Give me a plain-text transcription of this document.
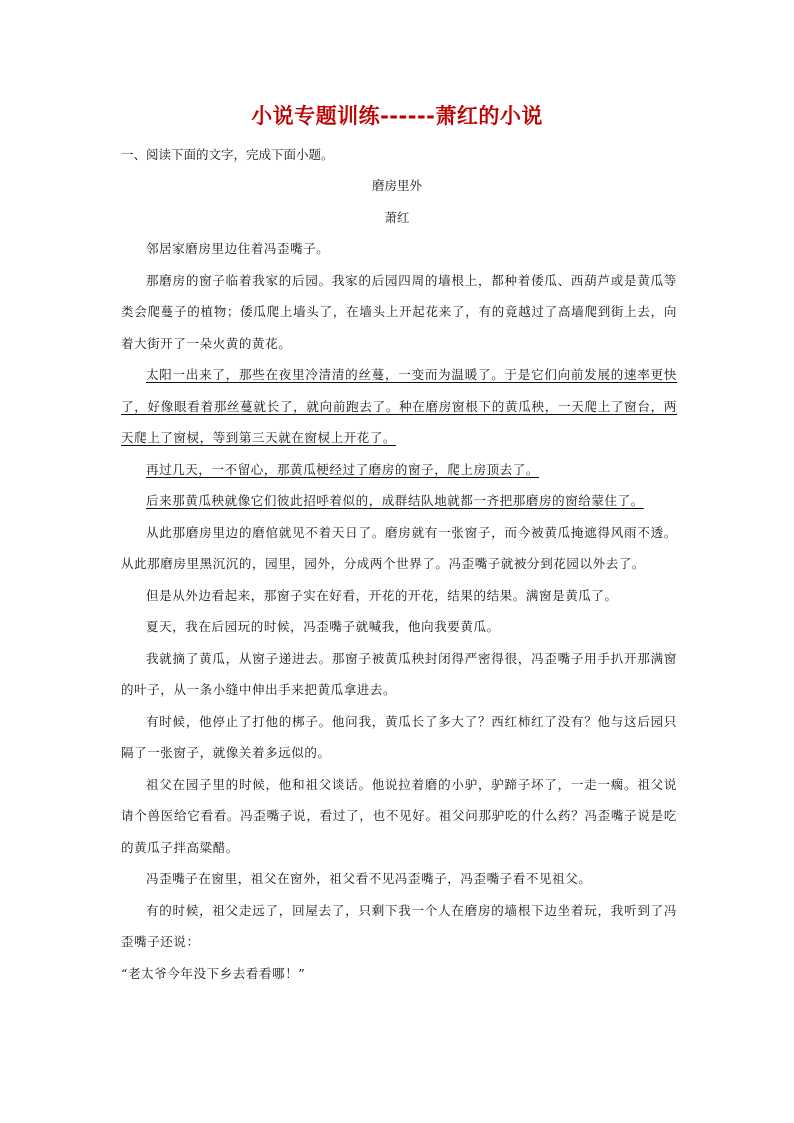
小说专题训练------萧红的小说
一、阅读下面的文字，完成下面小题。
磨房里外
萧红

邻居家磨房里边住着冯歪嘴子。

那磨房的窗子临着我家的后园。我家的后园四周的墙根上，都种着倭瓜、西葫芦或是黄瓜等类会爬蔓子的植物；倭瓜爬上墙头了，在墙头上开起花来了，有的竟越过了高墙爬到街上去，向着大街开了一朵火黄的黄花。

太阳一出来了，那些在夜里冷清清的丝蔓，一变而为温暖了。于是它们向前发展的速率更快了，好像眼看着那丝蔓就长了，就向前跑去了。种在磨房窗根下的黄瓜秧，一天爬上了窗台，两天爬上了窗棂，等到第三天就在窗棂上开花了。

再过几天，一不留心，那黄瓜梗经过了磨房的窗子，爬上房顶去了。

后来那黄瓜秧就像它们彼此招呼着似的，成群结队地就都一齐把那磨房的窗给蒙住了。

从此那磨房里边的磨倌就见不着天日了。磨房就有一张窗子，而今被黄瓜掩遮得风雨不透。从此那磨房里黑沉沉的，园里，园外，分成两个世界了。冯歪嘴子就被分到花园以外去了。

但是从外边看起来，那窗子实在好看，开花的开花，结果的结果。满窗是黄瓜了。

夏天，我在后园玩的时候，冯歪嘴子就喊我，他向我要黄瓜。

我就摘了黄瓜，从窗子递进去。那窗子被黄瓜秧封闭得严密得很，冯歪嘴子用手扒开那满窗的叶子，从一条小缝中伸出手来把黄瓜拿进去。

有时候，他停止了打他的梆子。他问我，黄瓜长了多大了？西红柿红了没有？他与这后园只隔了一张窗子，就像关着多远似的。

祖父在园子里的时候，他和祖父谈话。他说拉着磨的小驴，驴蹄子坏了，一走一瘸。祖父说请个兽医给它看看。冯歪嘴子说，看过了，也不见好。祖父问那驴吃的什么药？冯歪嘴子说是吃的黄瓜子拌高粱醋。

冯歪嘴子在窗里，祖父在窗外，祖父看不见冯歪嘴子，冯歪嘴子看不见祖父。

有的时候，祖父走远了，回屋去了，只剩下我一个人在磨房的墙根下边坐着玩，我听到了冯歪嘴子还说：

“老太爷今年没下乡去看看哪！”
